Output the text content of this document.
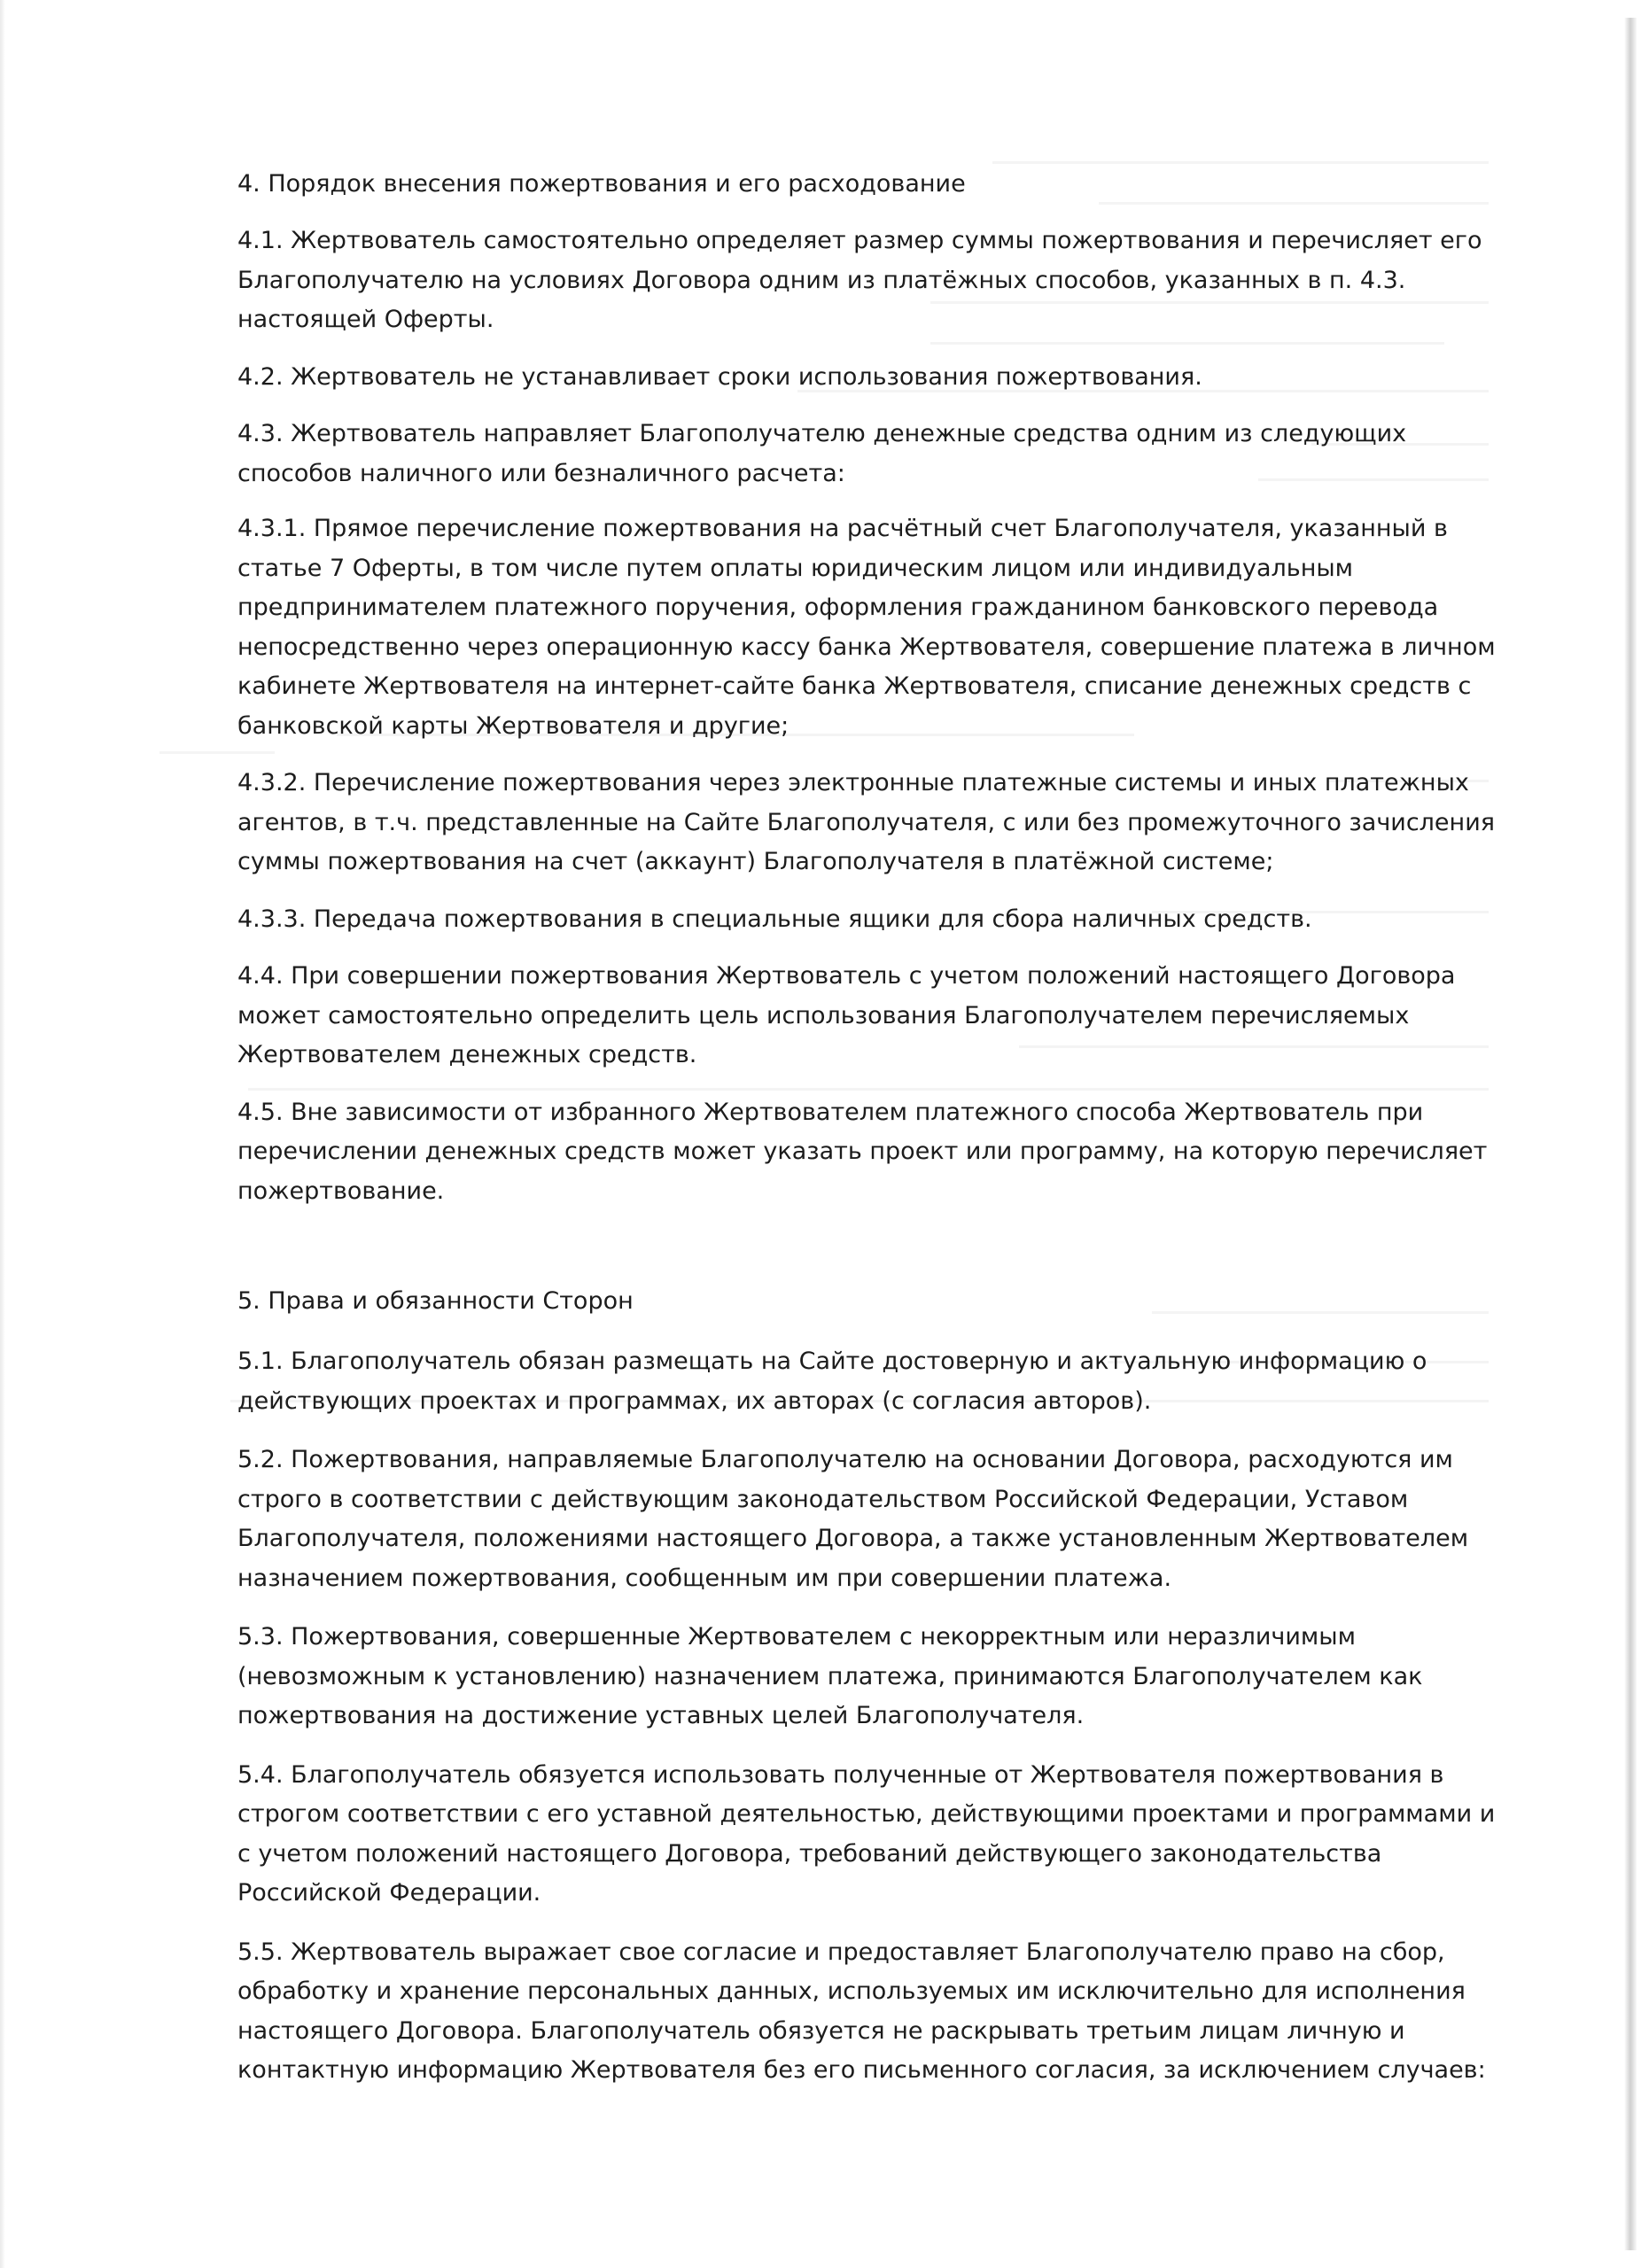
4. Порядок внесения пожертвования и его расходование

4.1. Жертвователь самостоятельно определяет размер суммы пожертвования и перечисляет его Благополучателю на условиях Договора одним из платёжных способов, указанных в п. 4.3. настоящей Оферты.

4.2. Жертвователь не устанавливает сроки использования пожертвования.

4.3. Жертвователь направляет Благополучателю денежные средства одним из следующих способов наличного или безналичного расчета:

4.3.1. Прямое перечисление пожертвования на расчётный счет Благополучателя, указанный в статье 7 Оферты, в том числе путем оплаты юридическим лицом или индивидуальным предпринимателем платежного поручения, оформления гражданином банковского перевода непосредственно через операционную кассу банка Жертвователя, совершение платежа в личном кабинете Жертвователя на интернет-сайте банка Жертвователя, списание денежных средств с банковской карты Жертвователя и другие;

4.3.2. Перечисление пожертвования через электронные платежные системы и иных платежных агентов, в т.ч. представленные на Сайте Благополучателя, с или без промежуточного зачисления суммы пожертвования на счет (аккаунт) Благополучателя в платёжной системе;

4.3.3. Передача пожертвования в специальные ящики для сбора наличных средств.

4.4. При совершении пожертвования Жертвователь с учетом положений настоящего Договора может самостоятельно определить цель использования Благополучателем перечисляемых Жертвователем денежных средств.

4.5. Вне зависимости от избранного Жертвователем платежного способа Жертвователь при перечислении денежных средств может указать проект или программу, на которую перечисляет пожертвование.

5. Права и обязанности Сторон

5.1. Благополучатель обязан размещать на Сайте достоверную и актуальную информацию о действующих проектах и программах, их авторах (с согласия авторов).

5.2. Пожертвования, направляемые Благополучателю на основании Договора, расходуются им строго в соответствии с действующим законодательством Российской Федерации, Уставом Благополучателя, положениями настоящего Договора, а также установленным Жертвователем назначением пожертвования, сообщенным им при совершении платежа.

5.3. Пожертвования, совершенные Жертвователем с некорректным или неразличимым (невозможным к установлению) назначением платежа, принимаются Благополучателем как пожертвования на достижение уставных целей Благополучателя.

5.4. Благополучатель обязуется использовать полученные от Жертвователя пожертвования в строгом соответствии с его уставной деятельностью, действующими проектами и программами и с учетом положений настоящего Договора, требований действующего законодательства Российской Федерации.

5.5. Жертвователь выражает свое согласие и предоставляет Благополучателю право на сбор, обработку и хранение персональных данных, используемых им исключительно для исполнения настоящего Договора. Благополучатель обязуется не раскрывать третьим лицам личную и контактную информацию Жертвователя без его письменного согласия, за исключением случаев:
